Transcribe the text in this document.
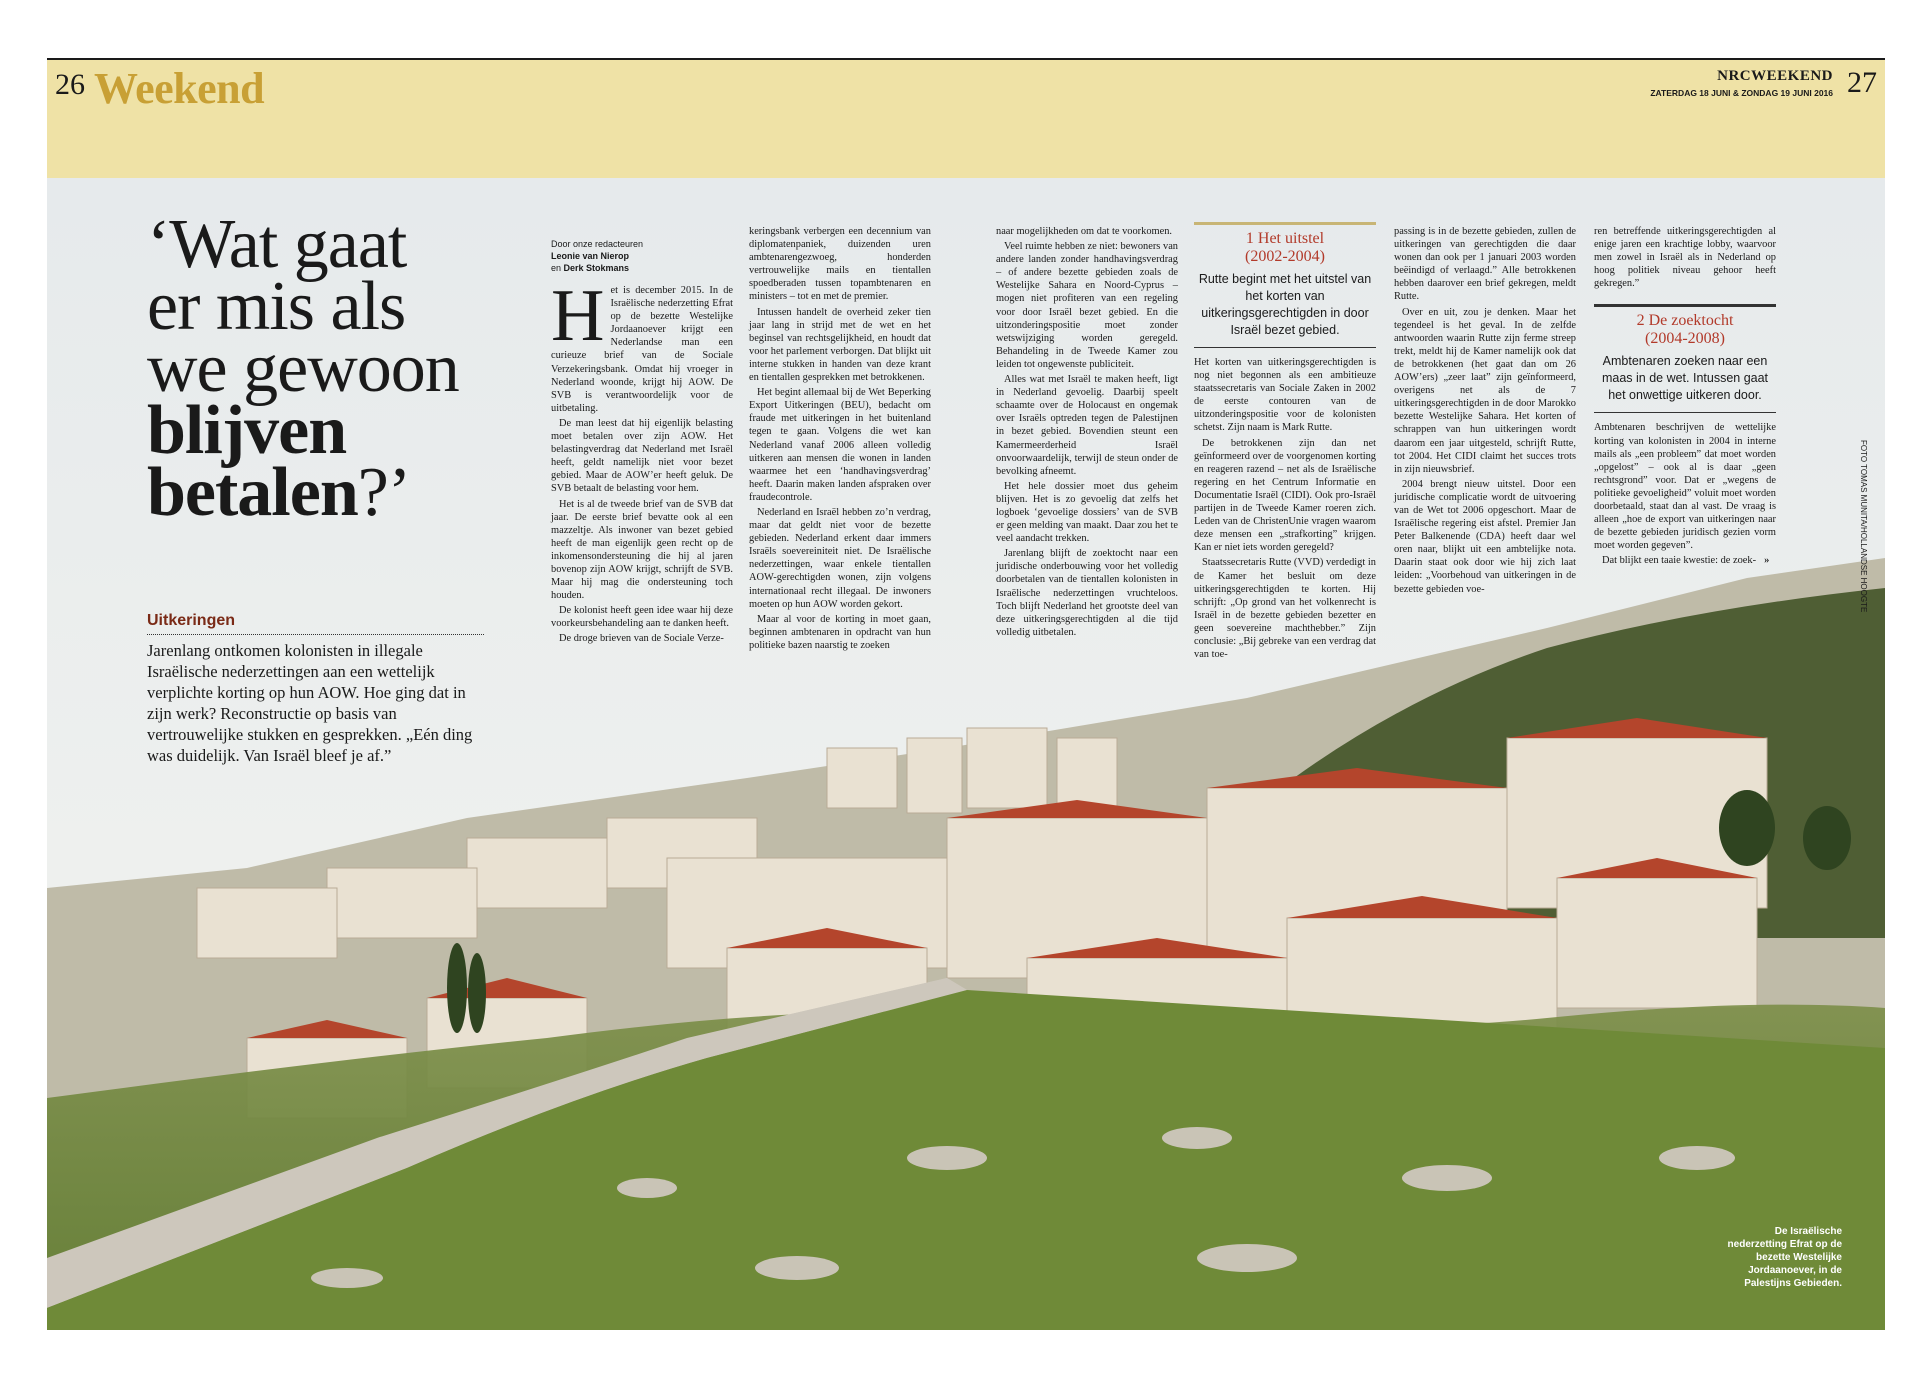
26 Weekend	NRCWEEKEND
ZATERDAG 18 JUNI & ZONDAG 19 JUNI 2016 27
‘Wat gaat
er mis als
we gewoon
blijven
betalen?’
Uitkeringen
Jarenlang ontkomen kolonisten in illegale Israëlische nederzettingen aan een wettelijk verplichte korting op hun AOW. Hoe ging dat in zijn werk? Reconstructie op basis van vertrouwelijke stukken en gesprekken. „Eén ding was duidelijk. Van Israël bleef je af.”
Door onze redacteuren
Leonie van Nierop
en Derk Stokmans

Het is december 2015. In de Israëlische nederzetting Efrat op de bezette Westelijke Jordaanoever krijgt een Nederlandse man een curieuze brief van de Sociale Verzekeringsbank. Omdat hij vroeger in Nederland woonde, krijgt hij AOW. De SVB is verantwoordelijk voor de uitbetaling.

De man leest dat hij eigenlijk belasting moet betalen over zijn AOW. Het belastingverdrag dat Nederland met Israël heeft, geldt namelijk niet voor bezet gebied. Maar de AOW’er heeft geluk. De SVB betaalt de belasting voor hem.

Het is al de tweede brief van de SVB dat jaar. De eerste brief bevatte ook al een mazzeltje. Als inwoner van bezet gebied heeft de man eigenlijk geen recht op de inkomensondersteuning die hij al jaren bovenop zijn AOW krijgt, schrijft de SVB. Maar hij mag die ondersteuning toch houden.

De kolonist heeft geen idee waar hij deze voorkeursbehandeling aan te danken heeft.

De droge brieven van de Sociale Verze-

keringsbank verbergen een decennium van diplomatenpaniek, duizenden uren ambtenarengezwoeg, honderden vertrouwelijke mails en tientallen spoedberaden tussen topambtenaren en ministers – tot en met de premier.

Intussen handelt de overheid zeker tien jaar lang in strijd met de wet en het beginsel van rechtsgelijkheid, en houdt dat voor het parlement verborgen. Dat blijkt uit interne stukken in handen van deze krant en tientallen gesprekken met betrokkenen.

Het begint allemaal bij de Wet Beperking Export Uitkeringen (BEU), bedacht om fraude met uitkeringen in het buitenland tegen te gaan. Volgens die wet kan Nederland vanaf 2006 alleen volledig uitkeren aan mensen die wonen in landen waarmee het een ‘handhavingsverdrag’ heeft. Daarin maken landen afspraken over fraudecontrole.

Nederland en Israël hebben zo’n verdrag, maar dat geldt niet voor de bezette gebieden. Nederland erkent daar immers Israëls soevereiniteit niet. De Israëlische nederzettingen, waar enkele tientallen AOW-gerechtigden wonen, zijn volgens internationaal recht illegaal. De inwoners moeten op hun AOW worden gekort.

Maar al voor de korting in moet gaan, beginnen ambtenaren in opdracht van hun politieke bazen naarstig te zoeken

naar mogelijkheden om dat te voorkomen.

Veel ruimte hebben ze niet: bewoners van andere landen zonder handhavingsverdrag – of andere bezette gebieden zoals de Westelijke Sahara en Noord-Cyprus – mogen niet profiteren van een regeling voor door Israël bezet gebied. En die uitzonderingspositie moet zonder wetswijziging worden geregeld. Behandeling in de Tweede Kamer zou leiden tot ongewenste publiciteit.

Alles wat met Israël te maken heeft, ligt in Nederland gevoelig. Daarbij speelt schaamte over de Holocaust en ongemak over Israëls optreden tegen de Palestijnen in bezet gebied. Bovendien steunt een Kamermeerderheid Israël onvoorwaardelijk, terwijl de steun onder de bevolking afneemt.

Het hele dossier moet dus geheim blijven. Het is zo gevoelig dat zelfs het logboek ‘gevoelige dossiers’ van de SVB er geen melding van maakt. Daar zou het te veel aandacht trekken.

Jarenlang blijft de zoektocht naar een juridische onderbouwing voor het volledig doorbetalen van de tientallen kolonisten in Israëlische nederzettingen vruchteloos. Toch blijft Nederland het grootste deel van deze uitkeringsgerechtigden al die tijd volledig uitbetalen.

1 Het uitstel
(2002-2004)
Rutte begint met het uitstel van het korten van uitkeringsgerechtigden in door Israël bezet gebied.

Het korten van uitkeringsgerechtigden is nog niet begonnen als een ambitieuze staatssecretaris van Sociale Zaken in 2002 de eerste contouren van de uitzonderingspositie voor de kolonisten schetst. Zijn naam is Mark Rutte.

De betrokkenen zijn dan net geïnformeerd over de voorgenomen korting en reageren razend – net als de Israëlische regering en het Centrum Informatie en Documentatie Israël (CIDI). Ook pro-Israël partijen in de Tweede Kamer roeren zich. Leden van de ChristenUnie vragen waarom deze mensen een „strafkorting” krijgen. Kan er niet iets worden geregeld?

Staatssecretaris Rutte (VVD) verdedigt in de Kamer het besluit om deze uitkeringsgerechtigden te korten. Hij schrijft: „Op grond van het volkenrecht is Israël in de bezette gebieden bezetter en geen soevereine machthebber.” Zijn conclusie: „Bij gebreke van een verdrag dat van toe-

passing is in de bezette gebieden, zullen de uitkeringen van gerechtigden die daar wonen dan ook per 1 januari 2003 worden beëindigd of verlaagd.” Alle betrokkenen hebben daarover een brief gekregen, meldt Rutte.

Over en uit, zou je denken. Maar het tegendeel is het geval. In de zelfde antwoorden waarin Rutte zijn ferme streep trekt, meldt hij de Kamer namelijk ook dat de betrokkenen (het gaat dan om 26 AOW’ers) „zeer laat” zijn geïnformeerd, overigens net als de 7 uitkeringsgerechtigden in de door Marokko bezette Westelijke Sahara. Het korten of schrappen van hun uitkeringen wordt daarom een jaar uitgesteld, schrijft Rutte, tot 2004. Het CIDI claimt het succes trots in zijn nieuwsbrief.

2004 brengt nieuw uitstel. Door een juridische complicatie wordt de uitvoering van de Wet tot 2006 opgeschort. Maar de Israëlische regering eist afstel. Premier Jan Peter Balkenende (CDA) heeft daar wel oren naar, blijkt uit een ambtelijke nota. Daarin staat ook door wie hij zich laat leiden: „Voorbehoud van uitkeringen in de bezette gebieden voe-

ren betreffende uitkeringsgerechtigden al enige jaren een krachtige lobby, waarvoor men zowel in Israël als in Nederland op hoog politiek niveau gehoor heeft gekregen.”

2 De zoektocht
(2004-2008)
Ambtenaren zoeken naar een maas in de wet. Intussen gaat het onwettige uitkeren door.

Ambtenaren beschrijven de wettelijke korting van kolonisten in 2004 in interne mails als „een probleem” dat moet worden „opgelost” – ook al is daar „geen rechtsgrond” voor. Dat er „wegens de politieke gevoeligheid” voluit moet worden doorbetaald, staat dan al vast. De vraag is alleen „hoe de export van uitkeringen naar de bezette gebieden juridisch gezien vorm moet worden gegeven”.

Dat blijkt een taaie kwestie: de zoek- »	FOTO TOMAS MUNITA/HOLLANDSE HOOGTE
De Israëlische nederzetting Efrat op de bezette Westelijke Jordaanoever, in de Palestijns Gebieden.
